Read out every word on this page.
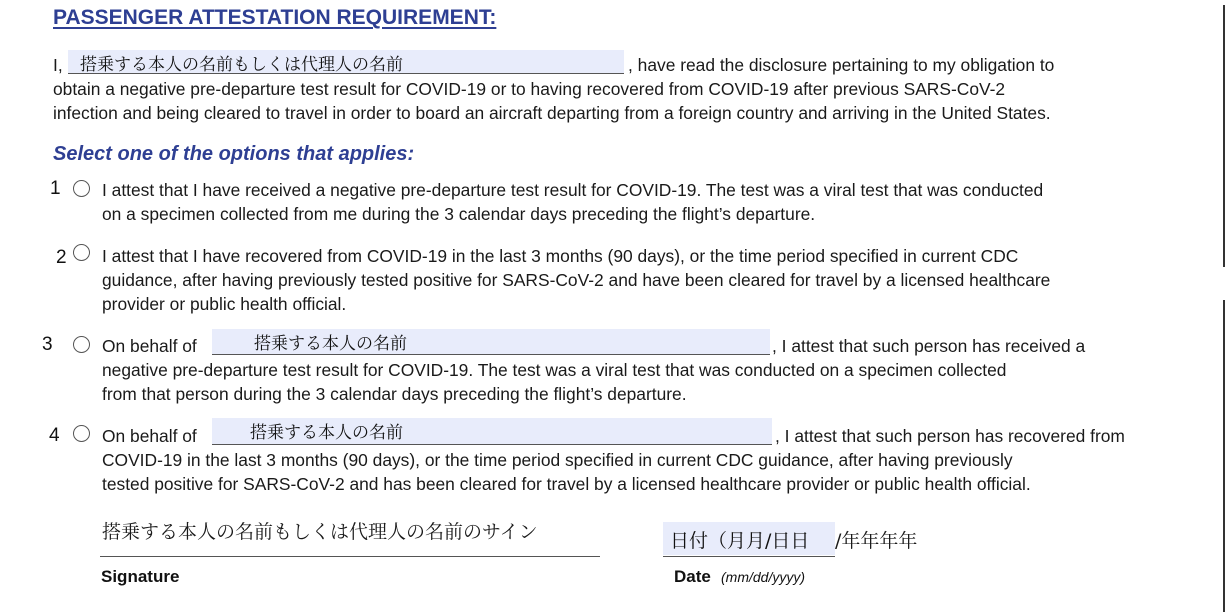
PASSENGER ATTESTATION REQUIREMENT:
I,	搭乗する本人の名前もしくは代理人の名前	, have read the disclosure pertaining to my obligation to
obtain a negative pre-departure test result for COVID-19 or to having recovered from COVID-19 after previous SARS-CoV-2
infection and being cleared to travel in order to board an aircraft departing from a foreign country and arriving in the United States.
Select one of the options that applies:
1 I attest that I have received a negative pre-departure test result for COVID-19. The test was a viral test that was conducted
on a specimen collected from me during the 3 calendar days preceding the flight’s departure.
2 I attest that I have recovered from COVID-19 in the last 3 months (90 days), or the time period specified in current CDC
guidance, after having previously tested positive for SARS-CoV-2 and have been cleared for travel by a licensed healthcare
provider or public health official.
3	On behalf of	搭乗する本人の名前	, I attest that such person has received a
negative pre-departure test result for COVID-19. The test was a viral test that was conducted on a specimen collected
from that person during the 3 calendar days preceding the flight’s departure.
4 On behalf of	搭乗する本人の名前	, I attest that such person has recovered from
COVID-19 in the last 3 months (90 days), or the time period specified in current CDC guidance, after having previously
tested positive for SARS-CoV-2 and has been cleared for travel by a licensed healthcare provider or public health official.
搭乗する本人の名前もしくは代理人の名前のサイン
Signature
日付（月月/日日	/年年年年
Date (mm/dd/yyyy)
